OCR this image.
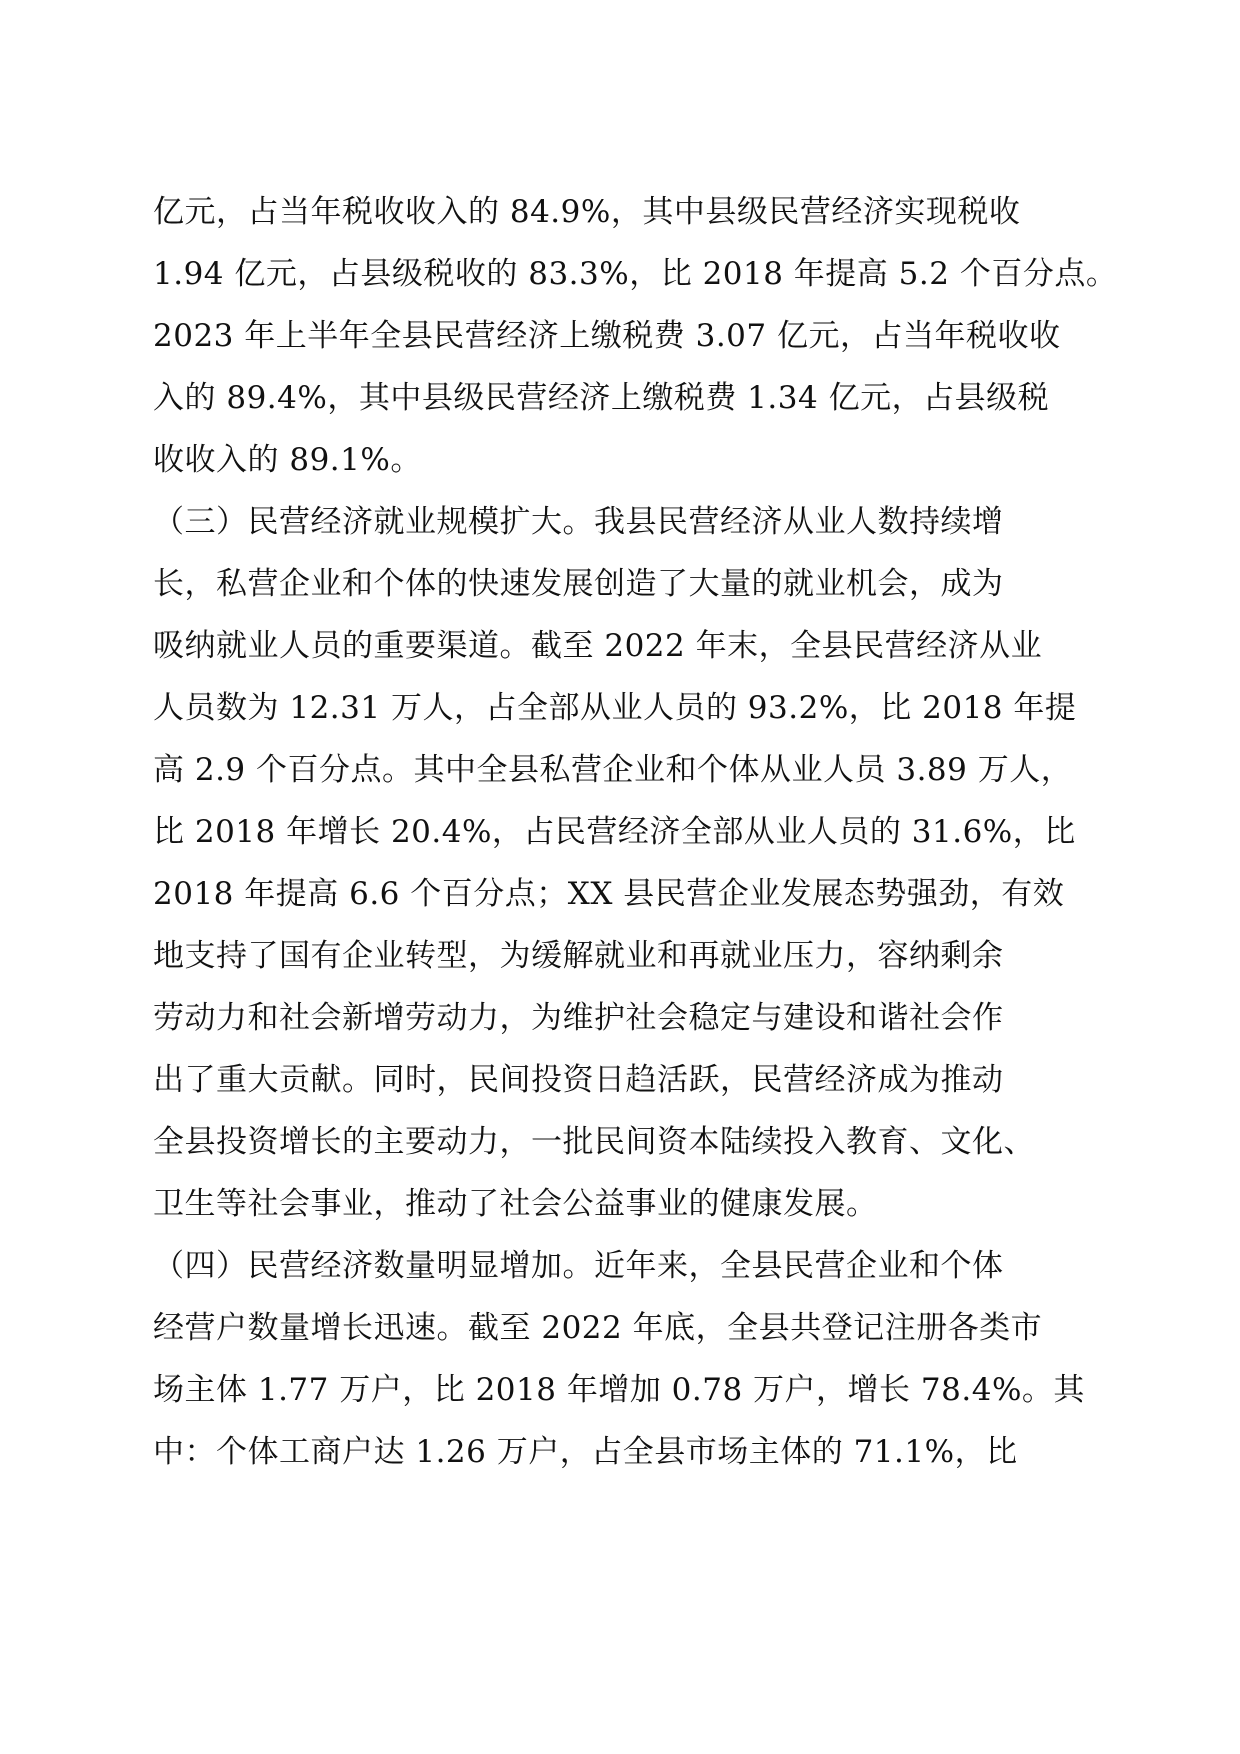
亿元，占当年税收收入的 84.9%，其中县级民营经济实现税收
1.94 亿元，占县级税收的 83.3%，比 2018 年提高 5.2 个百分点。
2023 年上半年全县民营经济上缴税费 3.07 亿元，占当年税收收
入的 89.4%，其中县级民营经济上缴税费 1.34 亿元，占县级税
收收入的 89.1%。
（三）民营经济就业规模扩大。我县民营经济从业人数持续增
长，私营企业和个体的快速发展创造了大量的就业机会，成为
吸纳就业人员的重要渠道。截至 2022 年末，全县民营经济从业
人员数为 12.31 万人，占全部从业人员的 93.2%，比 2018 年提
高 2.9 个百分点。其中全县私营企业和个体从业人员 3.89 万人，
比 2018 年增长 20.4%，占民营经济全部从业人员的 31.6%，比
2018 年提高 6.6 个百分点；XX 县民营企业发展态势强劲，有效
地支持了国有企业转型，为缓解就业和再就业压力，容纳剩余
劳动力和社会新增劳动力，为维护社会稳定与建设和谐社会作
出了重大贡献。同时，民间投资日趋活跃，民营经济成为推动
全县投资增长的主要动力，一批民间资本陆续投入教育、文化、
卫生等社会事业，推动了社会公益事业的健康发展。
（四）民营经济数量明显增加。近年来，全县民营企业和个体
经营户数量增长迅速。截至 2022 年底，全县共登记注册各类市
场主体 1.77 万户，比 2018 年增加 0.78 万户，增长 78.4%。其
中：个体工商户达 1.26 万户，占全县市场主体的 71.1%，比
